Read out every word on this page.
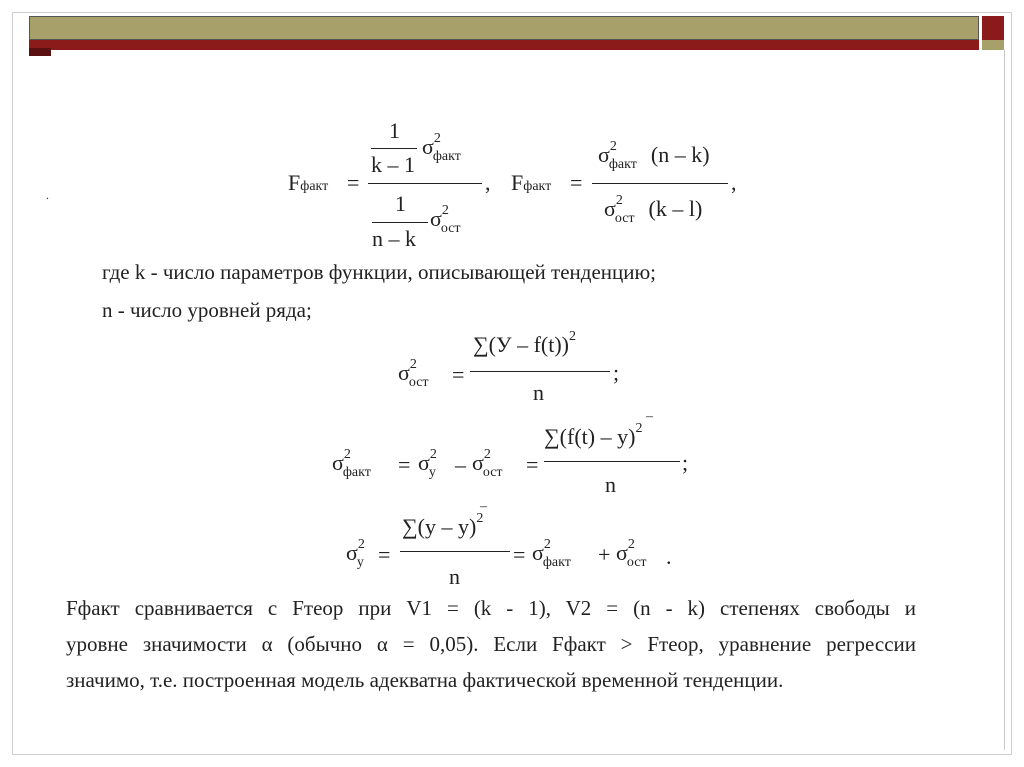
.	Fфакт =
1
k – 1
$\sigma^2_{факт}$
1
n – k
$\sigma^2_{ост}$
, Fфакт =
$\sigma^2_{факт}$ (n – k)
$\sigma^2_{ост}$ (k – l)
,
где k - число параметров функции, описывающей тенденцию;
n - число уровней ряда;
$\sigma^2_{ост}$	=
∑(У – f(t))$^2$
n
;
$\sigma^2_{факт}$	= $\sigma^2_y - \sigma^2_{ост}$	=
∑(f(t) – y)$^2$
–
n
;
$\sigma^2_y$ =
∑(y – y)$^2$
–
n
= $\sigma^2_{факт}$	+ $\sigma^2_{ост}$ .
Fфакт сравнивается с Fтеор при V1 = (k - 1), V2 = (n - k) степенях свободы и
уровне значимости α (обычно α = 0,05). Если Fфакт > Fтеор, уравнение регрессии
значимо, т.е. построенная модель адекватна фактической временной тенденции.
